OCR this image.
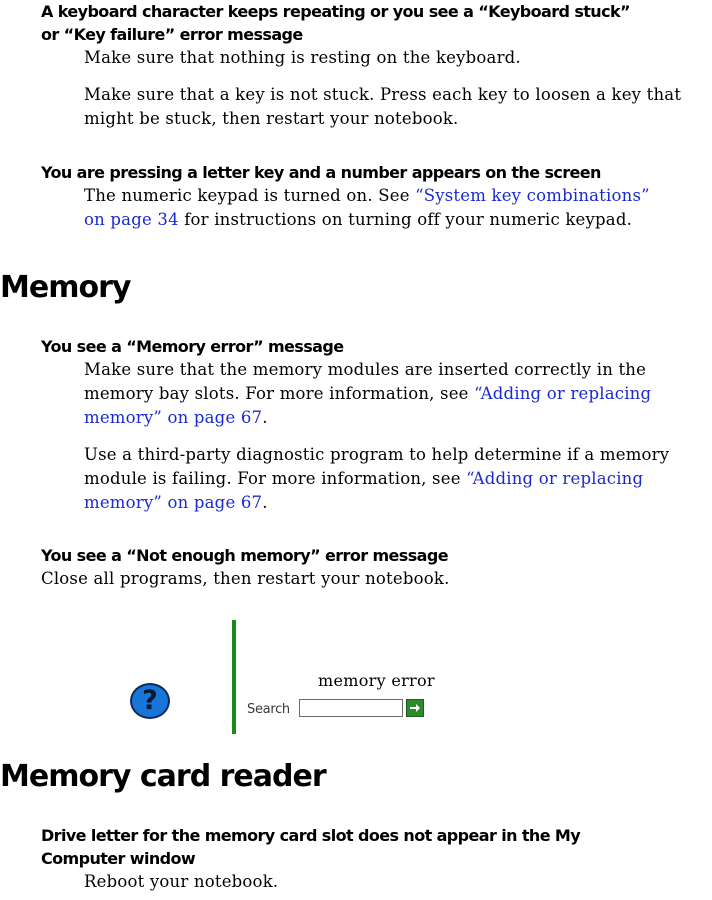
A keyboard character keeps repeating or you see a “Keyboard stuck”
or “Key failure” error message

Make sure that nothing is resting on the keyboard.

Make sure that a key is not stuck. Press each key to loosen a key that
might be stuck, then restart your notebook.

You are pressing a letter key and a number appears on the screen

The numeric keypad is turned on. See “System key combinations”
on page 34 for instructions on turning off your numeric keypad.

Memory

You see a “Memory error” message

Make sure that the memory modules are inserted correctly in the
memory bay slots. For more information, see “Adding or replacing
memory” on page 67.

Use a third-party diagnostic program to help determine if a memory
module is failing. For more information, see “Adding or replacing
memory” on page 67.

You see a “Not enough memory” error message

Close all programs, then restart your notebook.

?
memory error
Search
Memory card reader

Drive letter for the memory card slot does not appear in the My
Computer window

Reboot your notebook.
